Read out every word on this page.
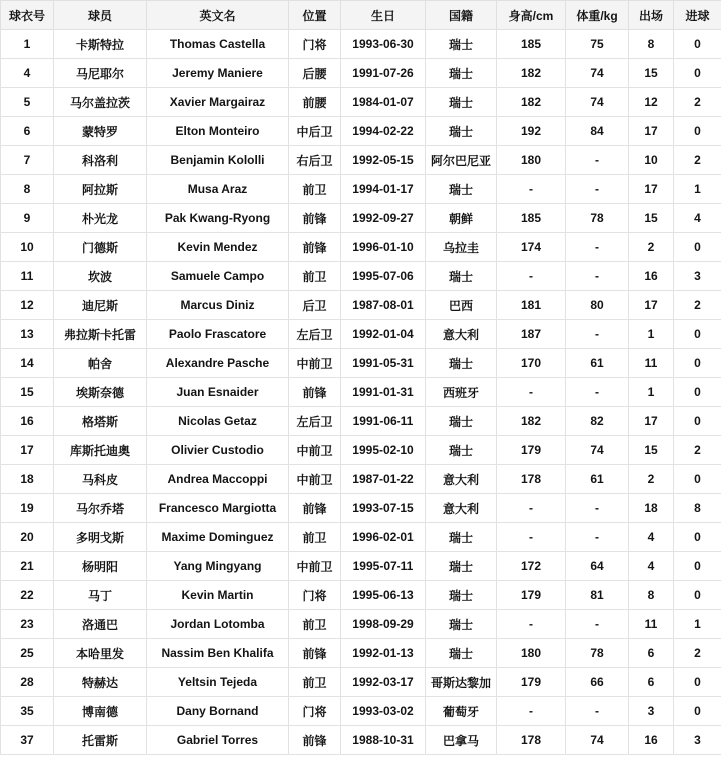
球衣号	球员	英文名	位置	生日	国籍	身高/cm	体重/kg	出场	进球
1	卡斯特拉	Thomas Castella	门将	1993-06-30	瑞士	185	75	8	0
4	马尼耶尔	Jeremy Maniere	后腰	1991-07-26	瑞士	182	74	15	0
5	马尔盖拉茨	Xavier Margairaz	前腰	1984-01-07	瑞士	182	74	12	2
6	蒙特罗	Elton Monteiro	中后卫	1994-02-22	瑞士	192	84	17	0
7	科洛利	Benjamin Kololli	右后卫	1992-05-15	阿尔巴尼亚	180	-	10	2
8	阿拉斯	Musa Araz	前卫	1994-01-17	瑞士	-	-	17	1
9	朴光龙	Pak Kwang-Ryong	前锋	1992-09-27	朝鲜	185	78	15	4
10	门德斯	Kevin Mendez	前锋	1996-01-10	乌拉圭	174	-	2	0
11	坎波	Samuele Campo	前卫	1995-07-06	瑞士	-	-	16	3
12	迪尼斯	Marcus Diniz	后卫	1987-08-01	巴西	181	80	17	2
13	弗拉斯卡托雷	Paolo Frascatore	左后卫	1992-01-04	意大利	187	-	1	0
14	帕舍	Alexandre Pasche	中前卫	1991-05-31	瑞士	170	61	11	0
15	埃斯奈德	Juan Esnaider	前锋	1991-01-31	西班牙	-	-	1	0
16	格塔斯	Nicolas Getaz	左后卫	1991-06-11	瑞士	182	82	17	0
17	库斯托迪奥	Olivier Custodio	中前卫	1995-02-10	瑞士	179	74	15	2
18	马科皮	Andrea Maccoppi	中前卫	1987-01-22	意大利	178	61	2	0
19	马尔乔塔	Francesco Margiotta	前锋	1993-07-15	意大利	-	-	18	8
20	多明戈斯	Maxime Dominguez	前卫	1996-02-01	瑞士	-	-	4	0
21	杨明阳	Yang Mingyang	中前卫	1995-07-11	瑞士	172	64	4	0
22	马丁	Kevin Martin	门将	1995-06-13	瑞士	179	81	8	0
23	洛通巴	Jordan Lotomba	前卫	1998-09-29	瑞士	-	-	11	1
25	本哈里发	Nassim Ben Khalifa	前锋	1992-01-13	瑞士	180	78	6	2
28	特赫达	Yeltsin Tejeda	前卫	1992-03-17	哥斯达黎加	179	66	6	0
35	博南德	Dany Bornand	门将	1993-03-02	葡萄牙	-	-	3	0
37	托雷斯	Gabriel Torres	前锋	1988-10-31	巴拿马	178	74	16	3
